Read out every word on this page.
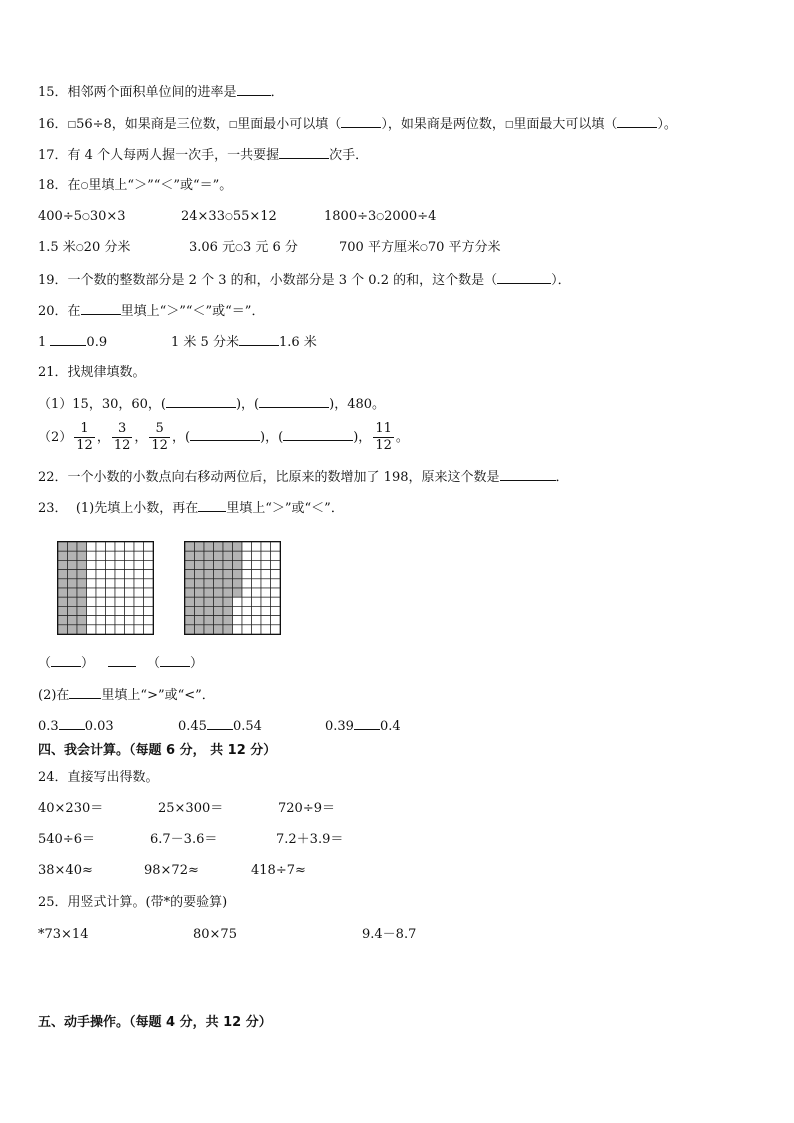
15．相邻两个面积单位间的进率是	．
16．□56÷8，如果商是三位数，□里面最小可以填（	），如果商是两位数，□里面最大可以填（	）。
17．有 4 个人每两人握一次手，一共要握	次手．
18．在○里填上“＞”“＜”或“＝”。
400÷5○30×3	24×33○55×12	1800÷3○2000÷4
1.5 米○20 分米	3.06 元○3 元 6 分	700 平方厘米○70 平方分米
19．一个数的整数部分是 2 个 3 的和，小数部分是 3 个 0.2 的和，这个数是（	）．
20．在	里填上“＞”“＜”或“＝”．
1	0.9	1 米 5 分米	1.6 米
21．找规律填数。
（1）15，30，60，(	)，(	)，480。
$(2) \frac{1}{12}$ ， $\frac{3}{12}$ ， $\frac{5}{12}$ ，(	)，(	)， $\frac{11}{12}$ 。
22．一个小数的小数点向右移动两位后，比原来的数增加了 198，原来这个数是	．
23． (1)先填上小数，再在 里填上“＞”或“＜”．
（ ）	（ ）
(2)在 里填上“>”或“<”．
0.3 0.03	0.45 0.54	0.39 0.4
四、我会计算。（每题 6 分， 共 12 分）
24．直接写出得数。
40×230＝	25×300＝	720÷9＝
540÷6＝	6.7－3.6＝	7.2＋3.9＝
38×40≈	98×72≈	418÷7≈
25．用竖式计算。(带*的要验算)
*73×14	80×75	9.4－8.7
五、动手操作。（每题 4 分，共 12 分）
